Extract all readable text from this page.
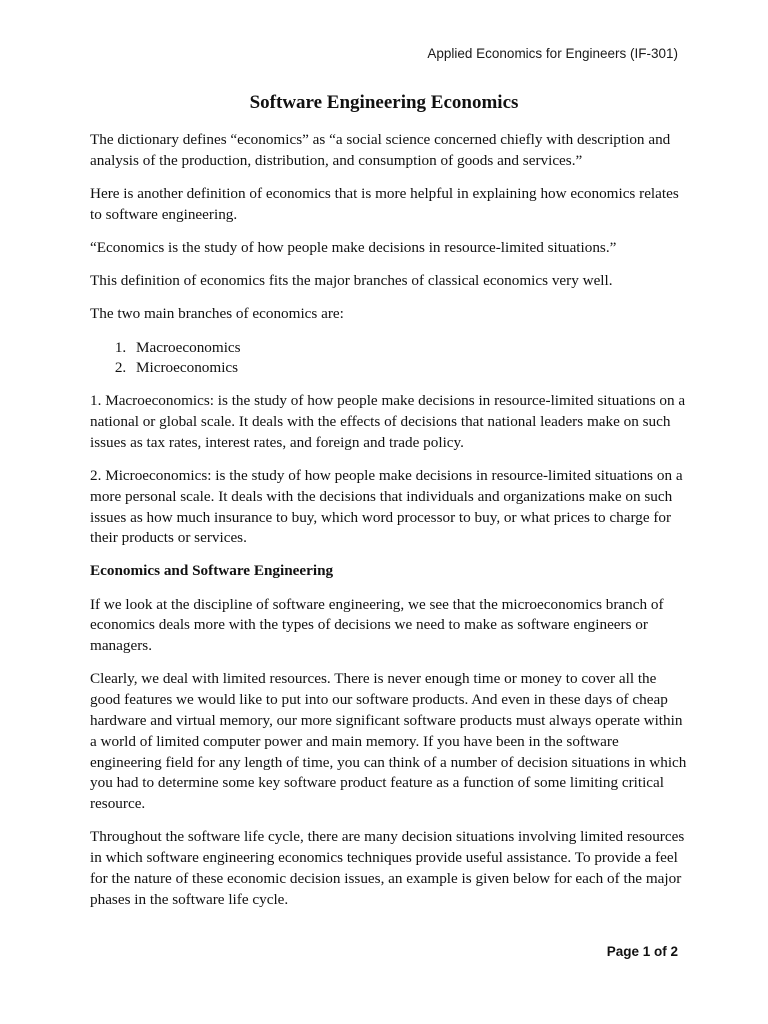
Applied Economics for Engineers (IF-301)
Software Engineering Economics

The dictionary defines “economics” as “a social science concerned chiefly with description and analysis of the production, distribution, and consumption of goods and services.”

Here is another definition of economics that is more helpful in explaining how economics relates to software engineering.

“Economics is the study of how people make decisions in resource-limited situations.”

This definition of economics fits the major branches of classical economics very well.

The two main branches of economics are:

1. Macroeconomics
2. Microeconomics

1. Macroeconomics: is the study of how people make decisions in resource-limited situations on a national or global scale. It deals with the effects of decisions that national leaders make on such issues as tax rates, interest rates, and foreign and trade policy.

2. Microeconomics: is the study of how people make decisions in resource-limited situations on a more personal scale. It deals with the decisions that individuals and organizations make on such issues as how much insurance to buy, which word processor to buy, or what prices to charge for their products or services.

Economics and Software Engineering

If we look at the discipline of software engineering, we see that the microeconomics branch of economics deals more with the types of decisions we need to make as software engineers or managers.

Clearly, we deal with limited resources. There is never enough time or money to cover all the good features we would like to put into our software products. And even in these days of cheap hardware and virtual memory, our more significant software products must always operate within a world of limited computer power and main memory. If you have been in the software engineering field for any length of time, you can think of a number of decision situations in which you had to determine some key software product feature as a function of some limiting critical resource.

Throughout the software life cycle, there are many decision situations involving limited resources in which software engineering economics techniques provide useful assistance. To provide a feel for the nature of these economic decision issues, an example is given below for each of the major phases in the software life cycle.

Page 1 of 2
